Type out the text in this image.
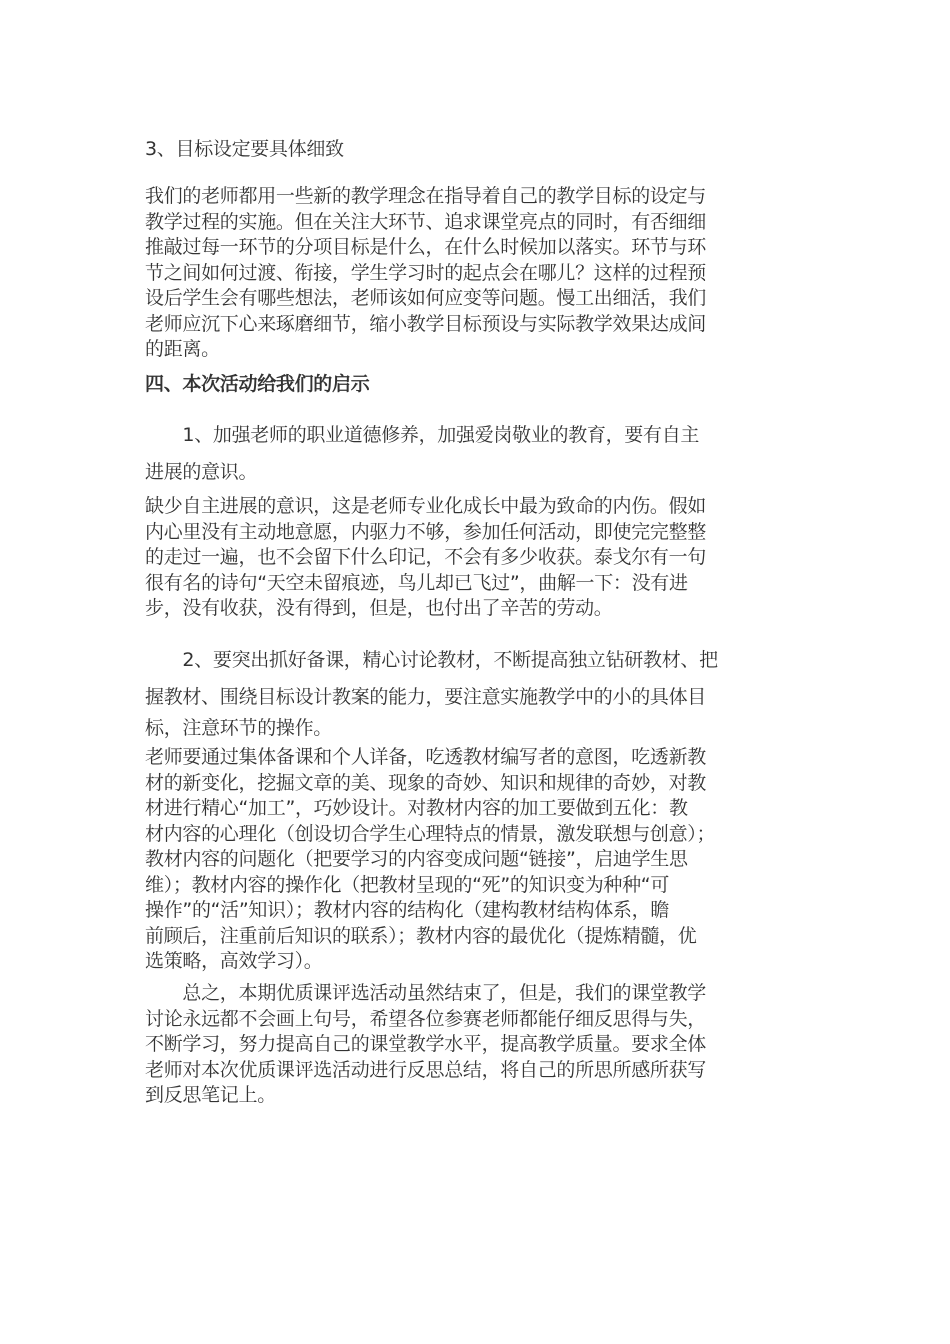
3、目标设定要具体细致

我们的老师都用一些新的教学理念在指导着自己的教学目标的设定与
教学过程的实施。但在关注大环节、追求课堂亮点的同时，有否细细
推敲过每一环节的分项目标是什么，在什么时候加以落实。环节与环
节之间如何过渡、衔接，学生学习时的起点会在哪儿？这样的过程预
设后学生会有哪些想法，老师该如何应变等问题。慢工出细活，我们
老师应沉下心来琢磨细节，缩小教学目标预设与实际教学效果达成间
的距离。

四、本次活动给我们的启示

　　1、加强老师的职业道德修养，加强爱岗敬业的教育，要有自主
进展的意识。

缺少自主进展的意识，这是老师专业化成长中最为致命的内伤。假如
内心里没有主动地意愿，内驱力不够，参加任何活动，即使完完整整
的走过一遍，也不会留下什么印记，不会有多少收获。泰戈尔有一句
很有名的诗句“天空未留痕迹，鸟儿却已飞过”，曲解一下：没有进
步，没有收获，没有得到，但是，也付出了辛苦的劳动。

　　2、要突出抓好备课，精心讨论教材，不断提高独立钻研教材、把
握教材、围绕目标设计教案的能力，要注意实施教学中的小的具体目
标，注意环节的操作。

老师要通过集体备课和个人详备，吃透教材编写者的意图，吃透新教
材的新变化，挖掘文章的美、现象的奇妙、知识和规律的奇妙，对教
材进行精心“加工”，巧妙设计。对教材内容的加工要做到五化：教
材内容的心理化（创设切合学生心理特点的情景，激发联想与创意）；
教材内容的问题化（把要学习的内容变成问题“链接”，启迪学生思
维）；教材内容的操作化（把教材呈现的“死”的知识变为种种“可
操作”的“活”知识）；教材内容的结构化（建构教材结构体系，瞻
前顾后，注重前后知识的联系）；教材内容的最优化（提炼精髓，优
选策略，高效学习）。

　　总之，本期优质课评选活动虽然结束了，但是，我们的课堂教学
讨论永远都不会画上句号，希望各位参赛老师都能仔细反思得与失，
不断学习，努力提高自己的课堂教学水平，提高教学质量。要求全体
老师对本次优质课评选活动进行反思总结，将自己的所思所感所获写
到反思笔记上。
